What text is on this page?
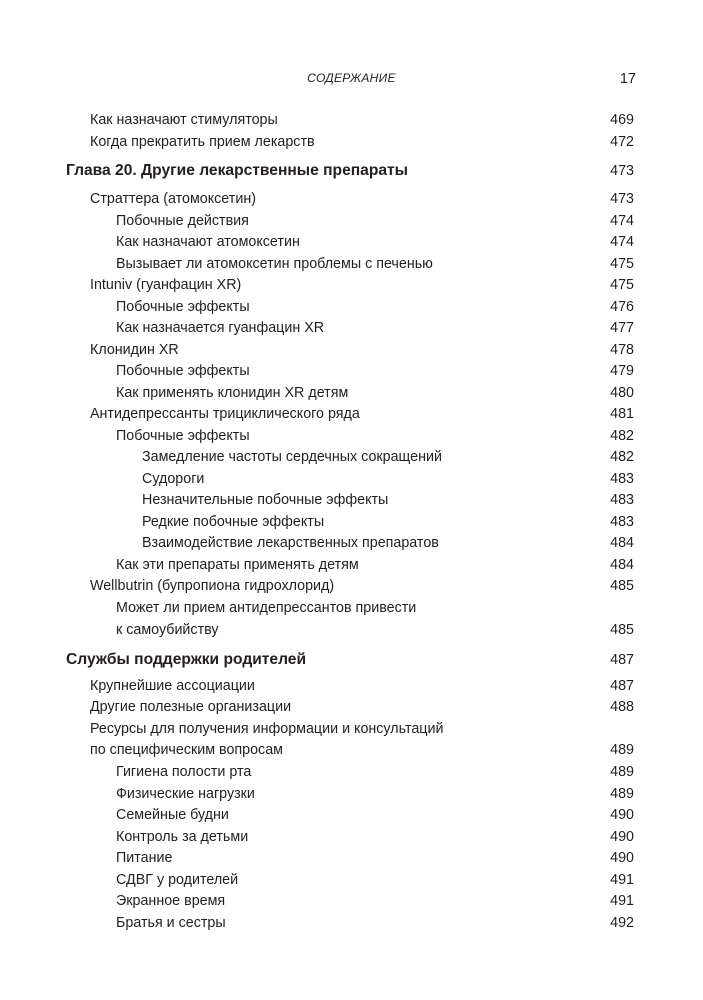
СОДЕРЖАНИЕ	17
Как назначают стимуляторы	469
Когда прекратить прием лекарств	472
Глава 20. Другие лекарственные препараты	473
Страттера (атомоксетин)	473
Побочные действия	474
Как назначают атомоксетин	474
Вызывает ли атомоксетин проблемы с печенью	475
Intuniv (гуанфацин XR)	475
Побочные эффекты	476
Как назначается гуанфацин XR	477
Клонидин XR	478
Побочные эффекты	479
Как применять клонидин XR детям	480
Антидепрессанты трициклического ряда	481
Побочные эффекты	482
Замедление частоты сердечных сокращений	482
Судороги	483
Незначительные побочные эффекты	483
Редкие побочные эффекты	483
Взаимодействие лекарственных препаратов	484
Как эти препараты применять детям	484
Wellbutrin (бупропиона гидрохлорид)	485
Может ли прием антидепрессантов привести
к самоубийству	485
Службы поддержки родителей	487
Крупнейшие ассоциации	487
Другие полезные организации	488
Ресурсы для получения информации и консультаций
по специфическим вопросам	489
Гигиена полости рта	489
Физические нагрузки	489
Семейные будни	490
Контроль за детьми	490
Питание	490
СДВГ у родителей	491
Экранное время	491
Братья и сестры	492
